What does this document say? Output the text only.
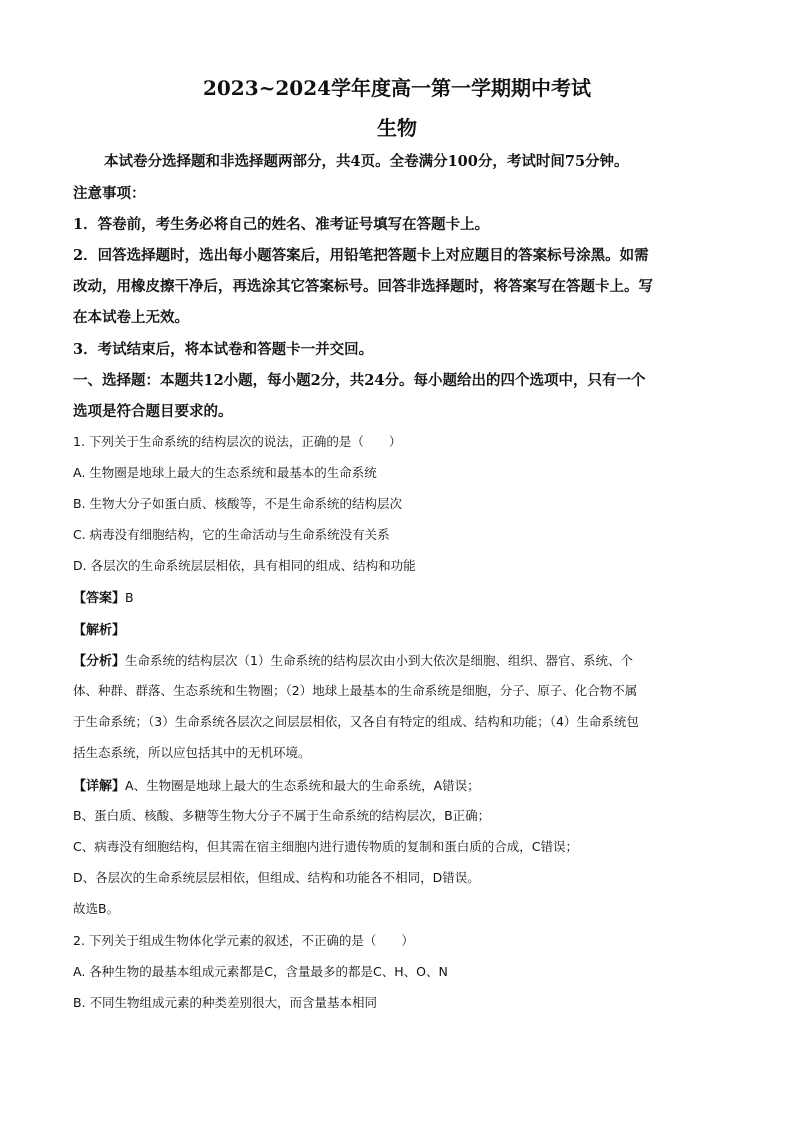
2023~2024学年度高一第一学期期中考试
生物
本试卷分选择题和非选择题两部分，共4页。全卷满分100分，考试时间75分钟。
注意事项：
1．答卷前，考生务必将自己的姓名、准考证号填写在答题卡上。
2．回答选择题时，选出每小题答案后，用铅笔把答题卡上对应题目的答案标号涂黑。如需
改动，用橡皮擦干净后，再选涂其它答案标号。回答非选择题时，将答案写在答题卡上。写
在本试卷上无效。
3．考试结束后，将本试卷和答题卡一并交回。
一、选择题：本题共12小题，每小题2分，共24分。每小题给出的四个选项中，只有一个
选项是符合题目要求的。
1. 下列关于生命系统的结构层次的说法，正确的是（　　）
A. 生物圈是地球上最大的生态系统和最基本的生命系统
B. 生物大分子如蛋白质、核酸等，不是生命系统的结构层次
C. 病毒没有细胞结构，它的生命活动与生命系统没有关系
D. 各层次的生命系统层层相依，具有相同的组成、结构和功能
【答案】B
【解析】
【分析】生命系统的结构层次（1）生命系统的结构层次由小到大依次是细胞、组织、器官、系统、个
体、种群、群落、生态系统和生物圈；（2）地球上最基本的生命系统是细胞，分子、原子、化合物不属
于生命系统；（3）生命系统各层次之间层层相依，又各自有特定的组成、结构和功能；（4）生命系统包
括生态系统，所以应包括其中的无机环境。
【详解】A、生物圈是地球上最大的生态系统和最大的生命系统，A错误；
B、蛋白质、核酸、多糖等生物大分子不属于生命系统的结构层次，B正确；
C、病毒没有细胞结构，但其需在宿主细胞内进行遗传物质的复制和蛋白质的合成，C错误；
D、各层次的生命系统层层相依，但组成、结构和功能各不相同，D错误。
故选B。
2. 下列关于组成生物体化学元素的叙述，不正确的是（　　）
A. 各种生物的最基本组成元素都是C，含量最多的都是C、H、O、N
B. 不同生物组成元素的种类差别很大，而含量基本相同
